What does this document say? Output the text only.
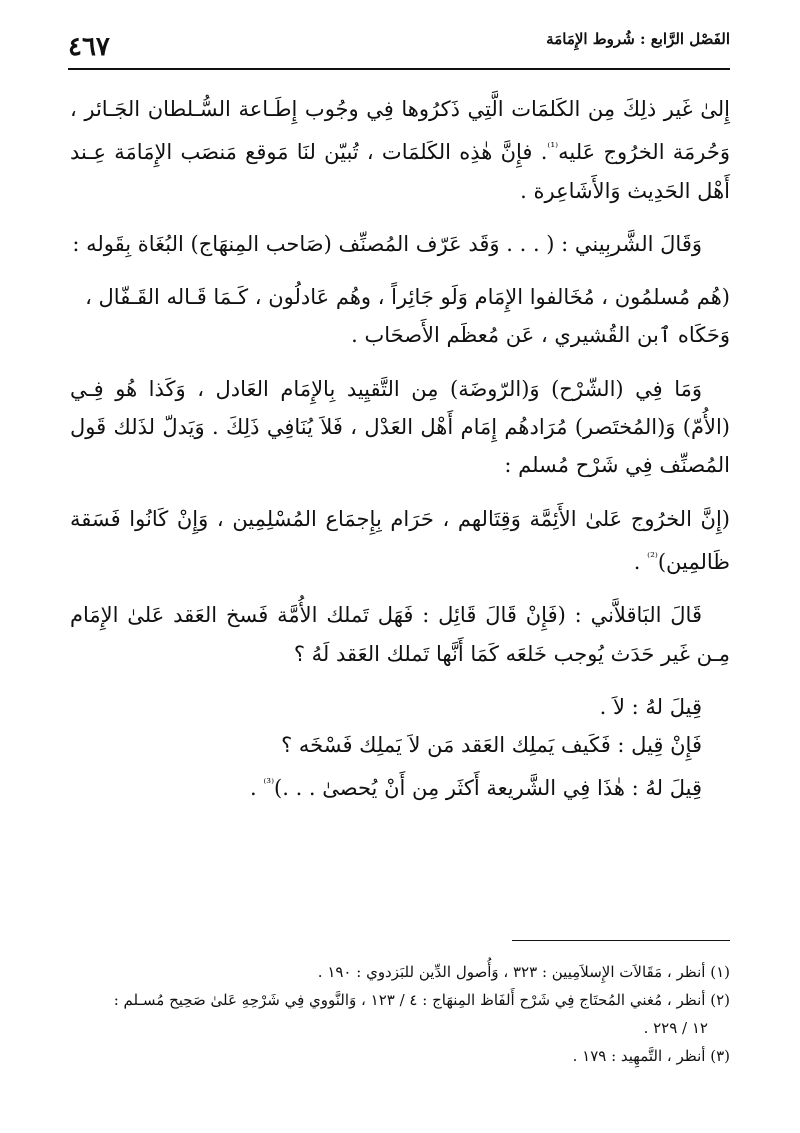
الفَصْل الرَّابع : شُروط الإِمَامَة
٤٦٧

إِلىٰ غَير ذلِكَ مِن الكَلمَات الَّتِي ذَكرُوها فِي وجُوب إِطَـاعة السُّـلطان الجَـائر ، وَحُرمَة الخرُوج عَليه$^{^{(1)}}$. فإِنَّ هٰذِه الكَلمَات ، تُبيّن لنَا مَوقع مَنصَب الإِمَامَة عِـند أَهْل الحَدِيث وَالأَشَاعِرة .

وَقَالَ الشَّربِيني : ( . . . وَقَد عَرّف المُصنِّف (صَاحب المِنهَاج) البُغَاة بِقَوله :

(هُم مُسلمُون ، مُخَالفوا الإِمَام وَلَو جَائِراً ، وهُم عَادلُون ، كَـمَا قَـاله القَـفّال ،

وَحَكَاه ٱبن القُشيري ، عَن مُعظَم الأَصحَاب .

وَمَا فِي (الشّرْح) وَ(الرّوضَة) مِن التَّقيِيد بِالإِمَام العَادل ، وَكَذا هُو فِـي (الأُمّ) وَ(المُختَصر) مُرَادهُم إِمَام أَهْل العَدْل ، فَلاَ يُنَافِي ذَلِكَ . وَيَدلّ لذَلك قَول المُصنِّف فِي شَرْح مُسلم :

(إِنَّ الخرُوج عَلىٰ الأَئِمَّة وَقِتَالهم ، حَرَام بِإِجمَاع المُسْلِمِين ، وَإِنْ كَانُوا فَسَقة ظَالمِين)$^{^{(2)}}$ .

قَالَ البَاقلاَّني : (فَإِنْ قَالَ قَائِل : فَهَل تَملك الأُمَّة فَسخ العَقد عَلىٰ الإِمَام مِـن غَير حَدَث يُوجب خَلعَه كَمَا أَنَّها تَملك العَقد لَهُ ؟

قِيلَ لهُ : لاَ .

فَإِنْ قِيل : فَكَيف يَملِك العَقد مَن لاَ يَملِك فَسْخَه ؟

قِيلَ لهُ : هٰذَا فِي الشَّريعة أَكثَر مِن أَنْ يُحصىٰ . . .)$^{^{(3)}}$ .

(١) أنظر ، مَقَالاَت الإِسلاَمِيين : ٣٢٣ ، وَأُصول الدِّين للبَزدوي : ١٩٠ .

(٢) أنظر ، مُغني المُحتَاج فِي شَرْح أَلفَاظ المِنهَاج : ٤ / ١٢٣ ، وَالنَّووي فِي شَرْحِهِ عَلىٰ صَحِيح مُسـلم :

١٢ / ٢٢٩ .

(٣) أنظر ، التَّمهِيد : ١٧٩ .
